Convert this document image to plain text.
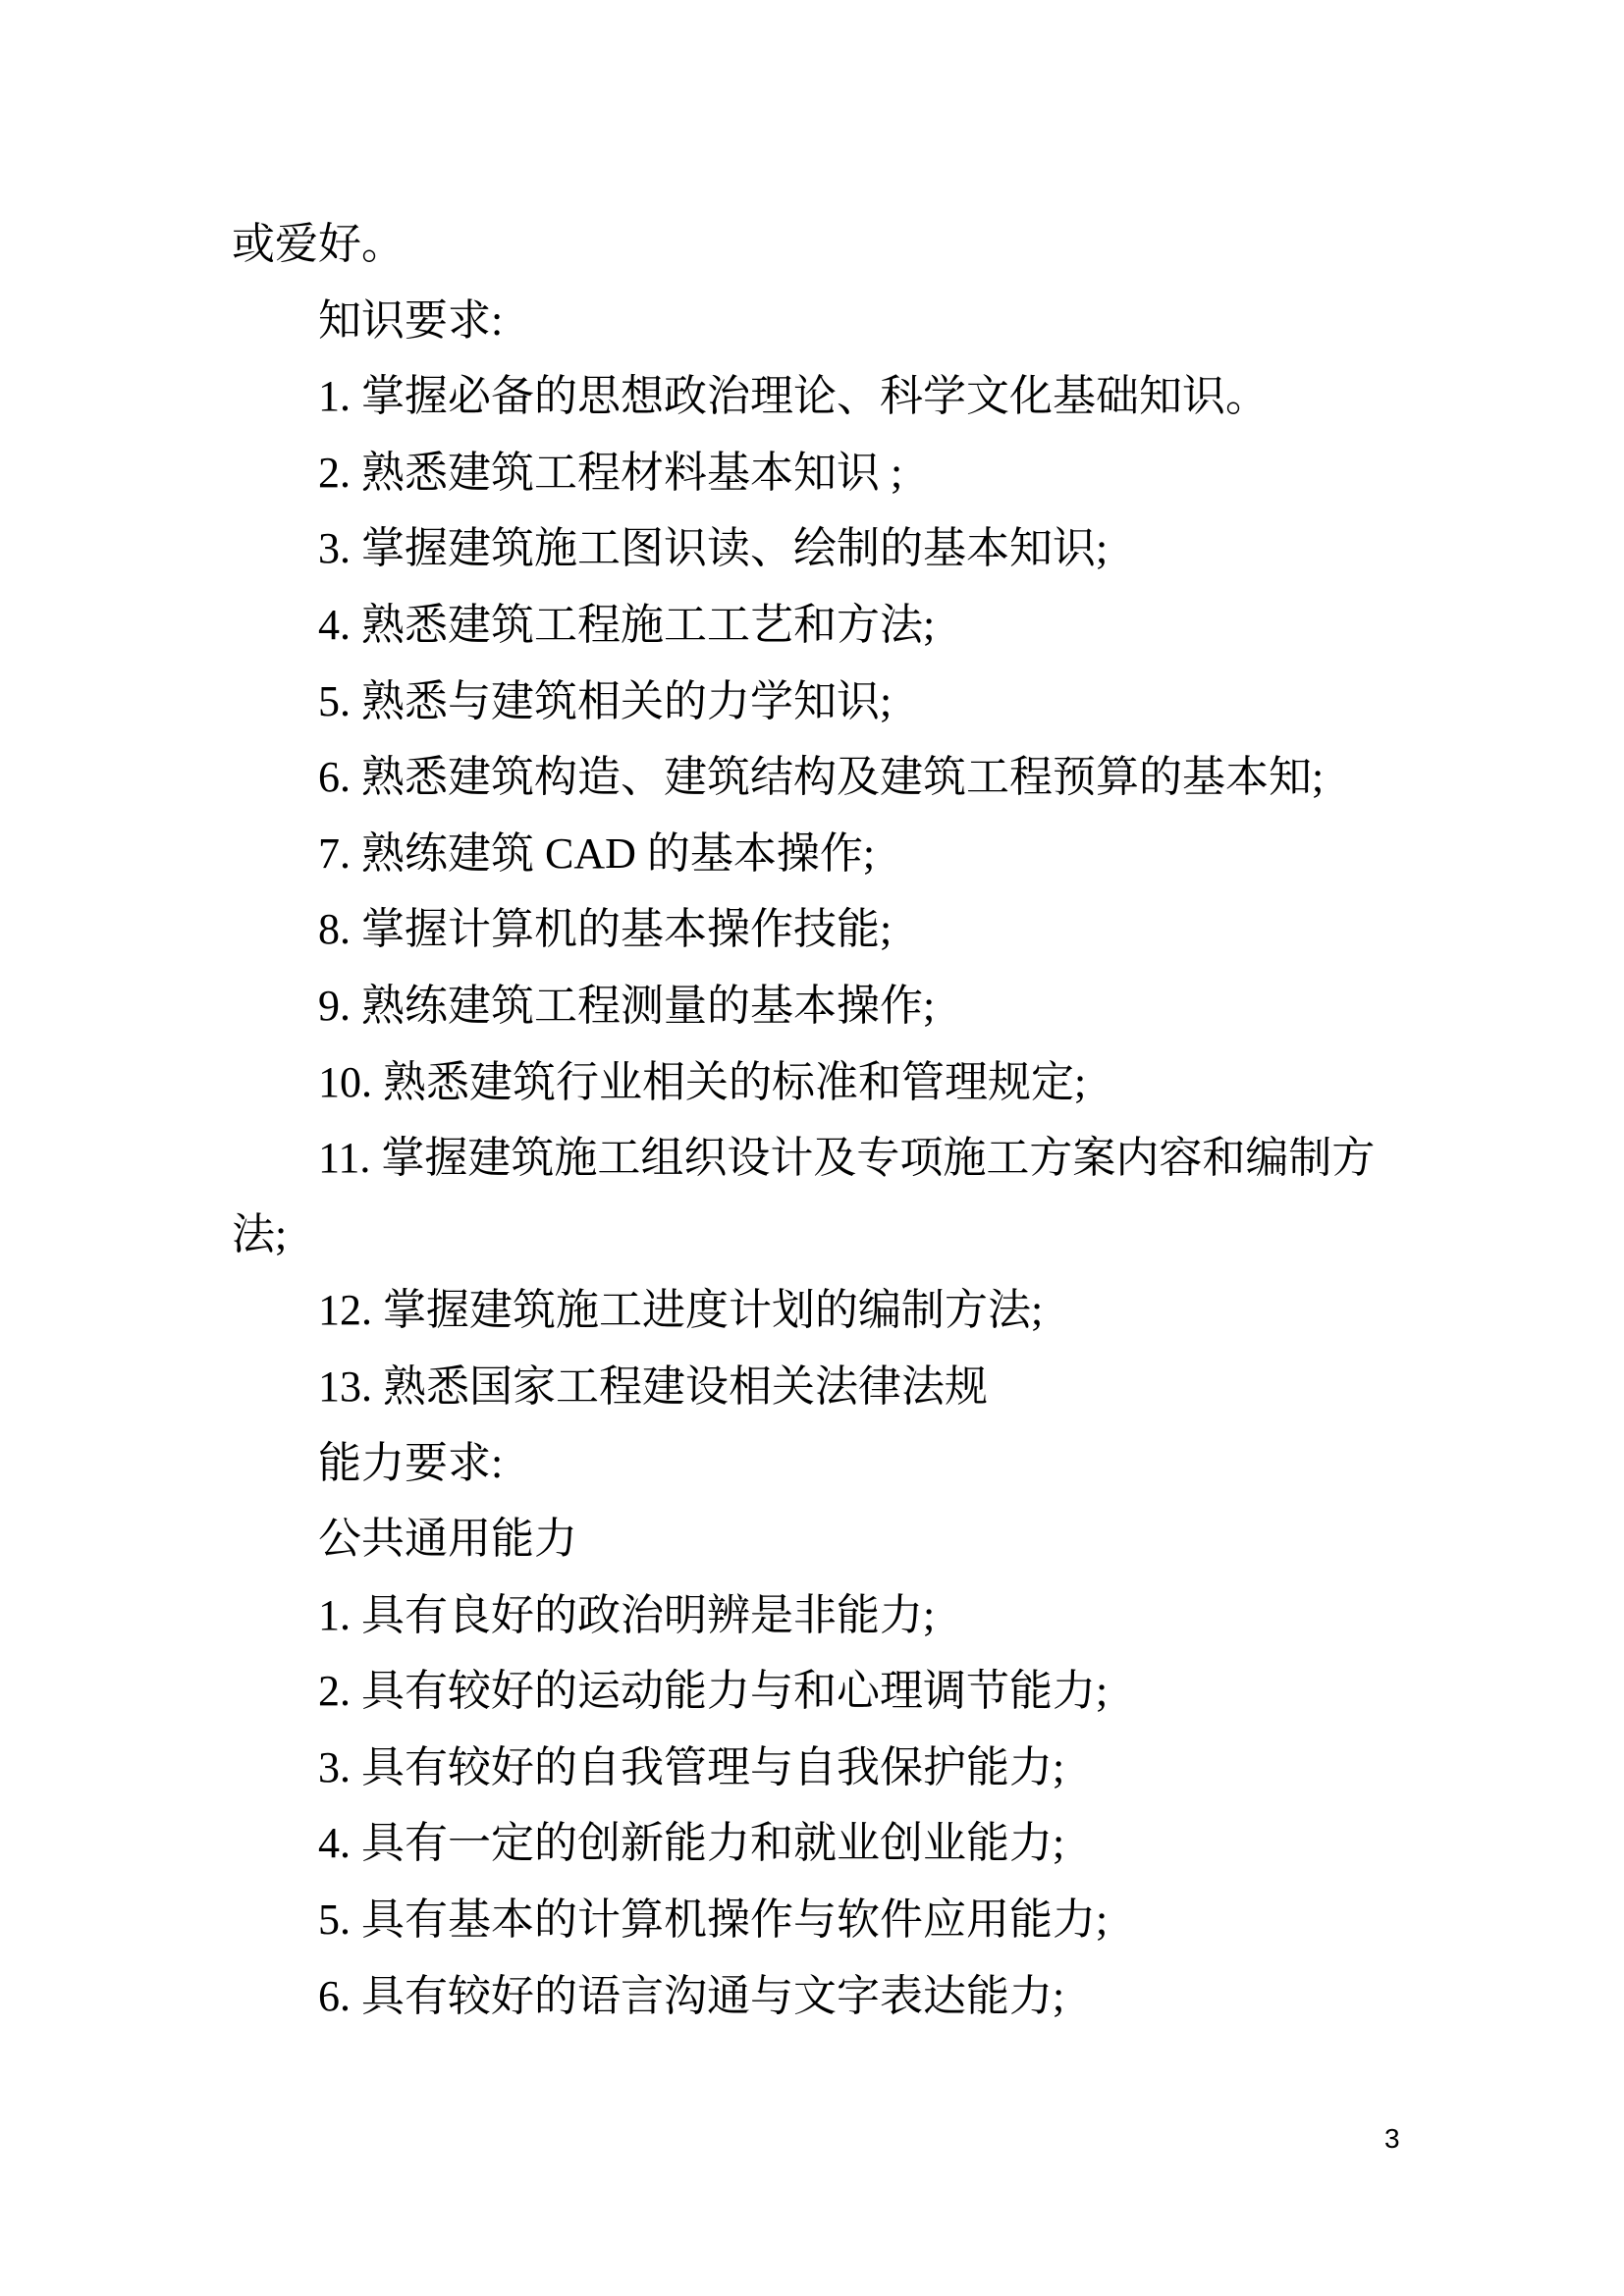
或爱好。
知识要求:
1. 掌握必备的思想政治理论、科学文化基础知识。
2. 熟悉建筑工程材料基本知识 ;
3. 掌握建筑施工图识读、绘制的基本知识;
4. 熟悉建筑工程施工工艺和方法;
5. 熟悉与建筑相关的力学知识;
6. 熟悉建筑构造、建筑结构及建筑工程预算的基本知;
7. 熟练建筑 CAD 的基本操作;
8. 掌握计算机的基本操作技能;
9. 熟练建筑工程测量的基本操作;
10. 熟悉建筑行业相关的标准和管理规定;
11. 掌握建筑施工组织设计及专项施工方案内容和编制方
法;
12. 掌握建筑施工进度计划的编制方法;
13. 熟悉国家工程建设相关法律法规
能力要求:
公共通用能力
1. 具有良好的政治明辨是非能力;
2. 具有较好的运动能力与和心理调节能力;
3. 具有较好的自我管理与自我保护能力;
4. 具有一定的创新能力和就业创业能力;
5. 具有基本的计算机操作与软件应用能力;
6. 具有较好的语言沟通与文字表达能力;
3
